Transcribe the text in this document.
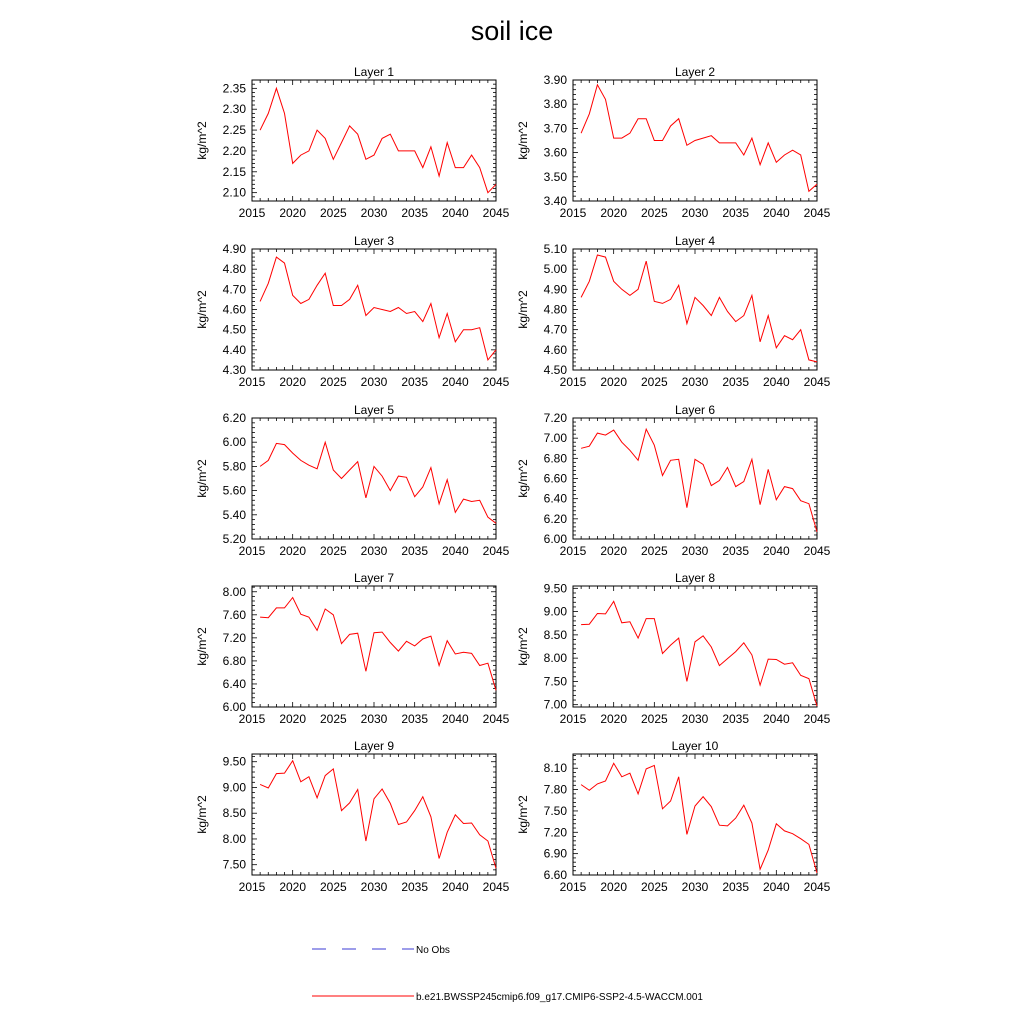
soil ice
Layer 1
kg/m^2
2015 2020 2025 2030 2035 2040 2045
2.10
2.15
2.20
2.25
2.30
2.35
Layer 2
kg/m^2
2015 2020 2025 2030 2035 2040 2045
3.40
3.50
3.60
3.70
3.80
3.90
Layer 3
kg/m^2
2015 2020 2025 2030 2035 2040 2045
4.30
4.40
4.50
4.60
4.70
4.80
4.90
Layer 4
kg/m^2
2015 2020 2025 2030 2035 2040 2045
4.50
4.60
4.70
4.80
4.90
5.00
5.10
Layer 5
kg/m^2
2015 2020 2025 2030 2035 2040 2045
5.20
5.40
5.60
5.80
6.00
6.20
Layer 6
kg/m^2
2015 2020 2025 2030 2035 2040 2045
6.00
6.20
6.40
6.60
6.80
7.00
7.20
Layer 7
kg/m^2
2015 2020 2025 2030 2035 2040 2045
6.00
6.40
6.80
7.20
7.60
8.00
Layer 8
kg/m^2
2015 2020 2025 2030 2035 2040 2045
7.00
7.50
8.00
8.50
9.00
9.50
Layer 9
kg/m^2
2015 2020 2025 2030 2035 2040 2045
7.50
8.00
8.50
9.00
9.50
Layer 10
kg/m^2
2015 2020 2025 2030 2035 2040 2045
6.60
6.90
7.20
7.50
7.80
8.10
No Obs
b.e21.BWSSP245cmip6.f09_g17.CMIP6-SSP2-4.5-WACCM.001
